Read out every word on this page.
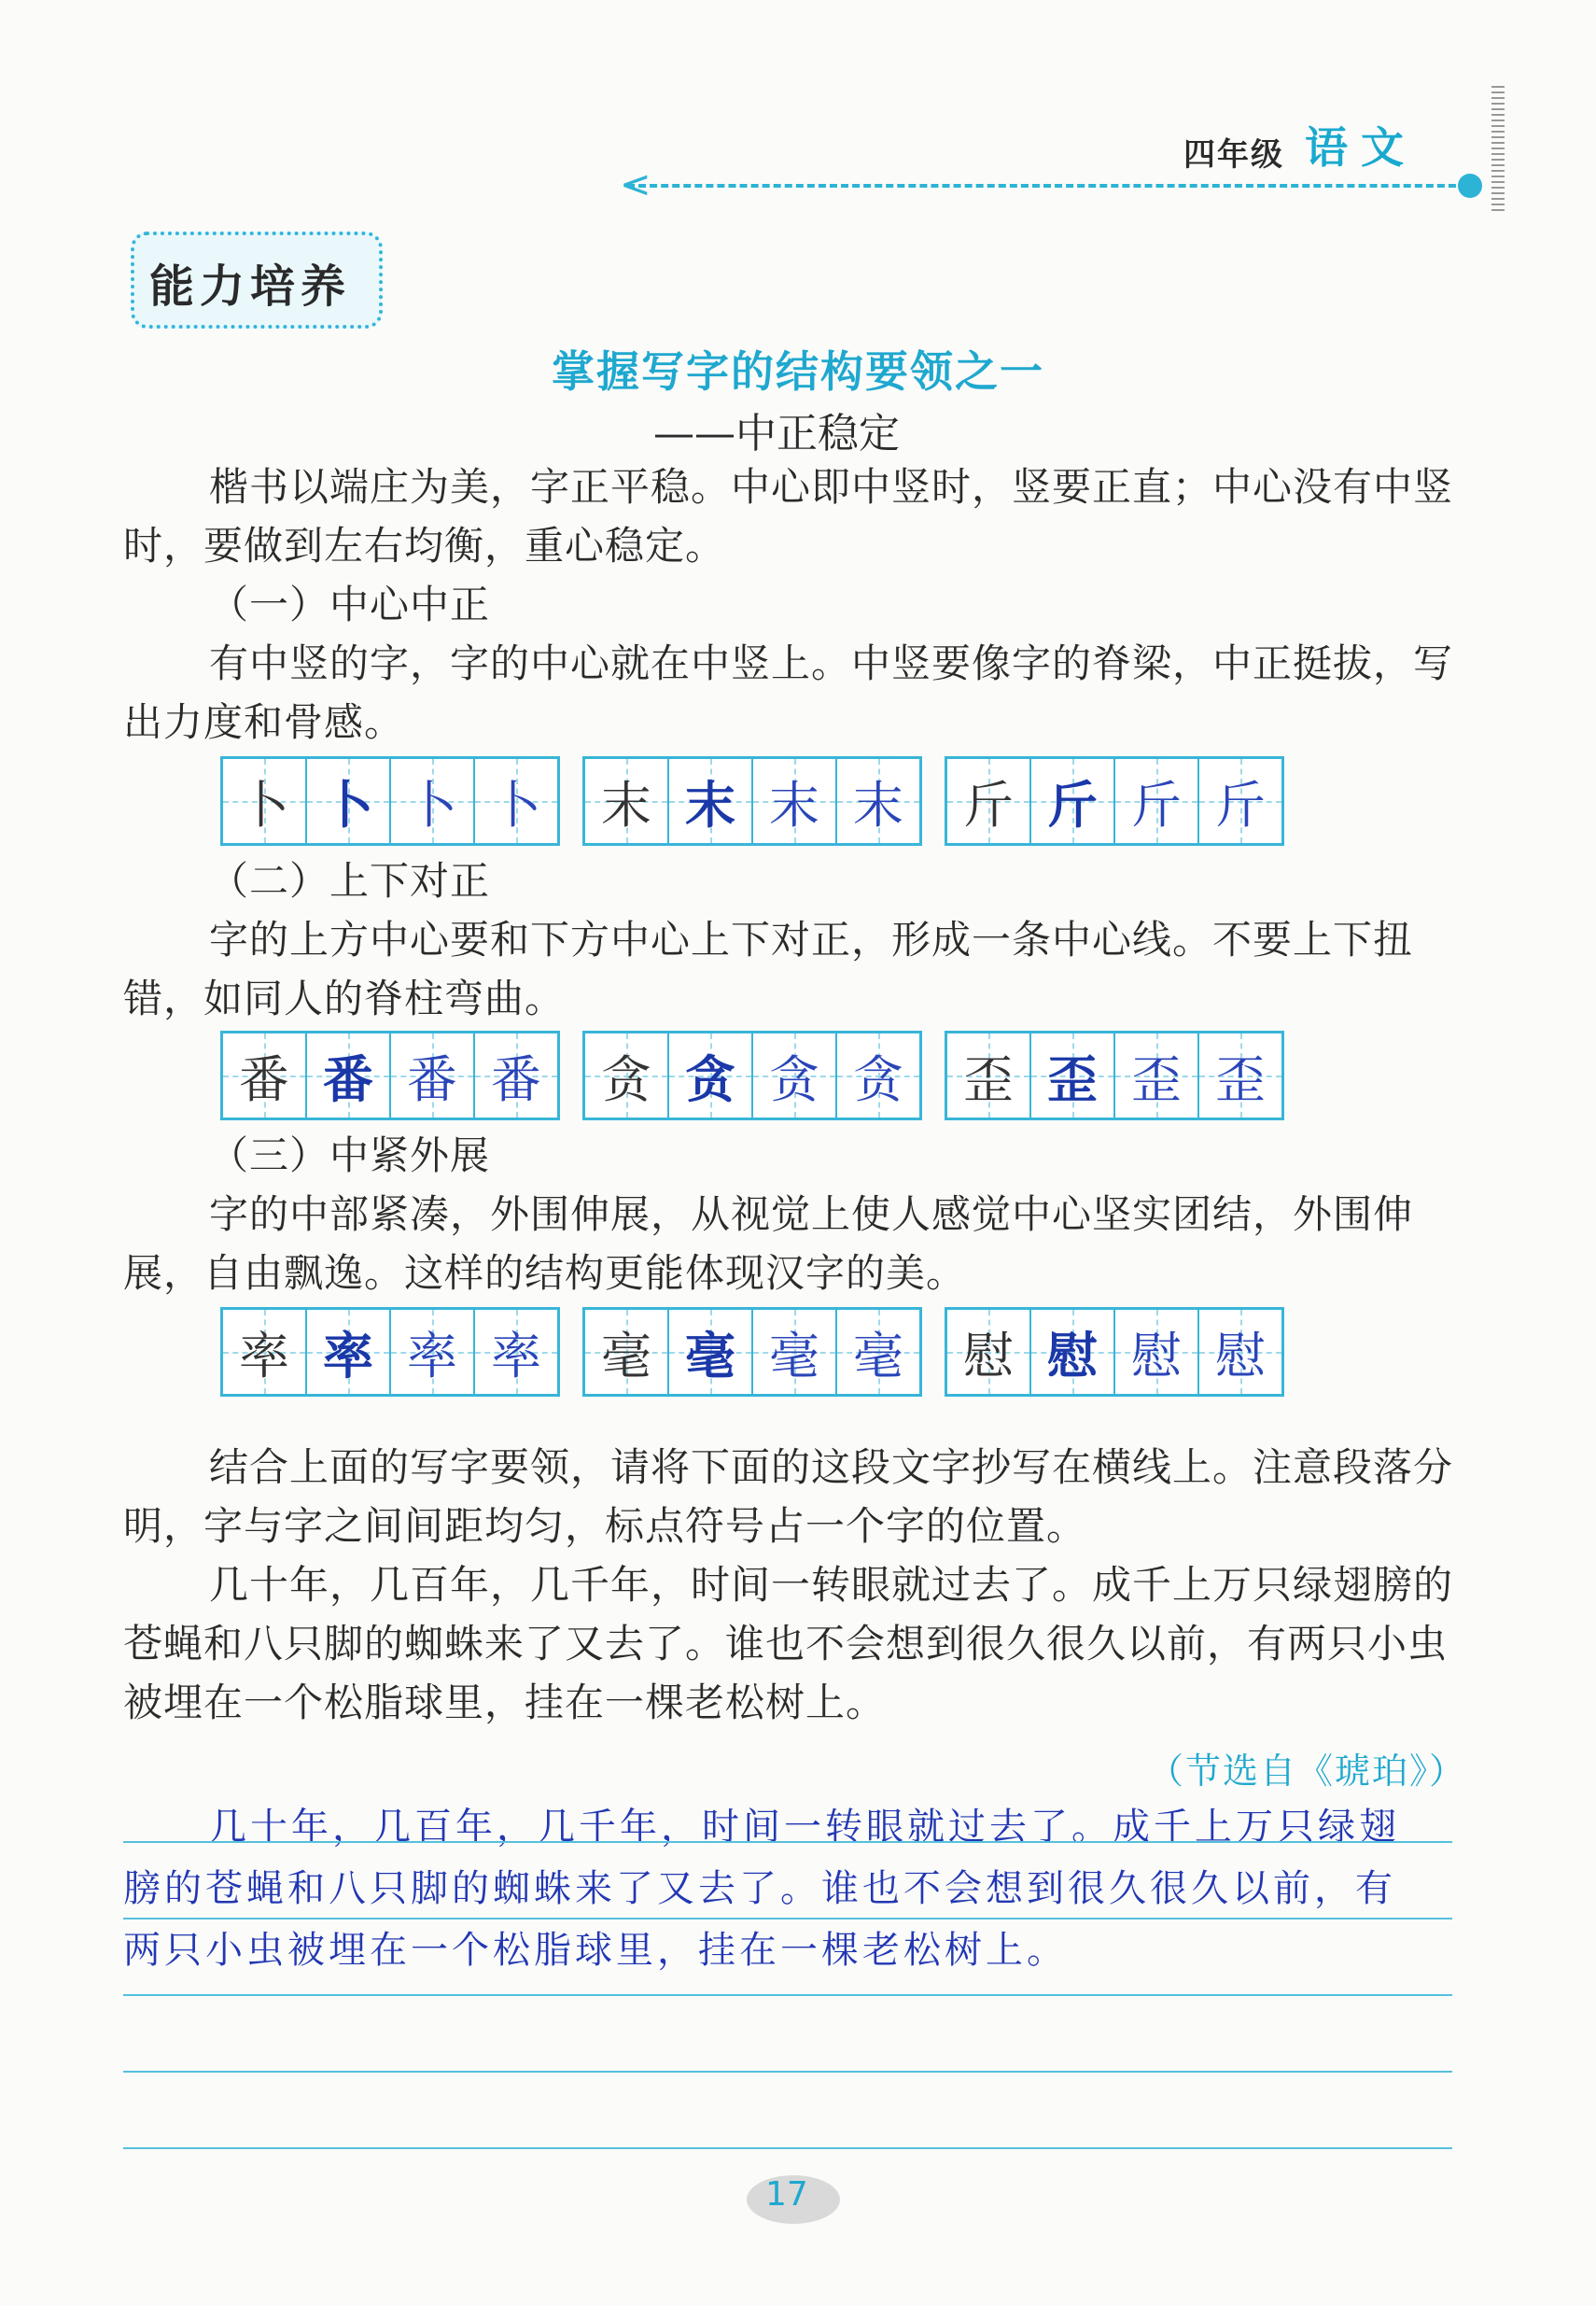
四年级 语文
<
能力培养
掌握写字的结构要领之一
——中正稳定
楷书以端庄为美，字正平稳。中心即中竖时，竖要正直；中心没有中竖时，要做到左右均衡，重心稳定。
（一）中心中正
有中竖的字，字的中心就在中竖上。中竖要像字的脊梁，中正挺拔，写出力度和骨感。
卜 卜 卜 卜 末 末 末 末 斤 斤 斤 斤
（二）上下对正
字的上方中心要和下方中心上下对正，形成一条中心线。不要上下扭错，如同人的脊柱弯曲。
番 番 番 番 贪 贪 贪 贪 歪 歪 歪 歪
（三）中紧外展
字的中部紧凑，外围伸展，从视觉上使人感觉中心坚实团结，外围伸展，自由飘逸。这样的结构更能体现汉字的美。
率 率 率 率 毫 毫 毫 毫 慰 慰 慰 慰
结合上面的写字要领，请将下面的这段文字抄写在横线上。注意段落分明，字与字之间间距均匀，标点符号占一个字的位置。
几十年，几百年，几千年，时间一转眼就过去了。成千上万只绿翅膀的苍蝇和八只脚的蜘蛛来了又去了。谁也不会想到很久很久以前，有两只小虫被埋在一个松脂球里，挂在一棵老松树上。
（节选自《琥珀》）
几十年，几百年，几千年，时间一转眼就过去了。成千上万只绿翅
膀的苍蝇和八只脚的蜘蛛来了又去了。谁也不会想到很久很久以前，有
两只小虫被埋在一个松脂球里，挂在一棵老松树上。
17
